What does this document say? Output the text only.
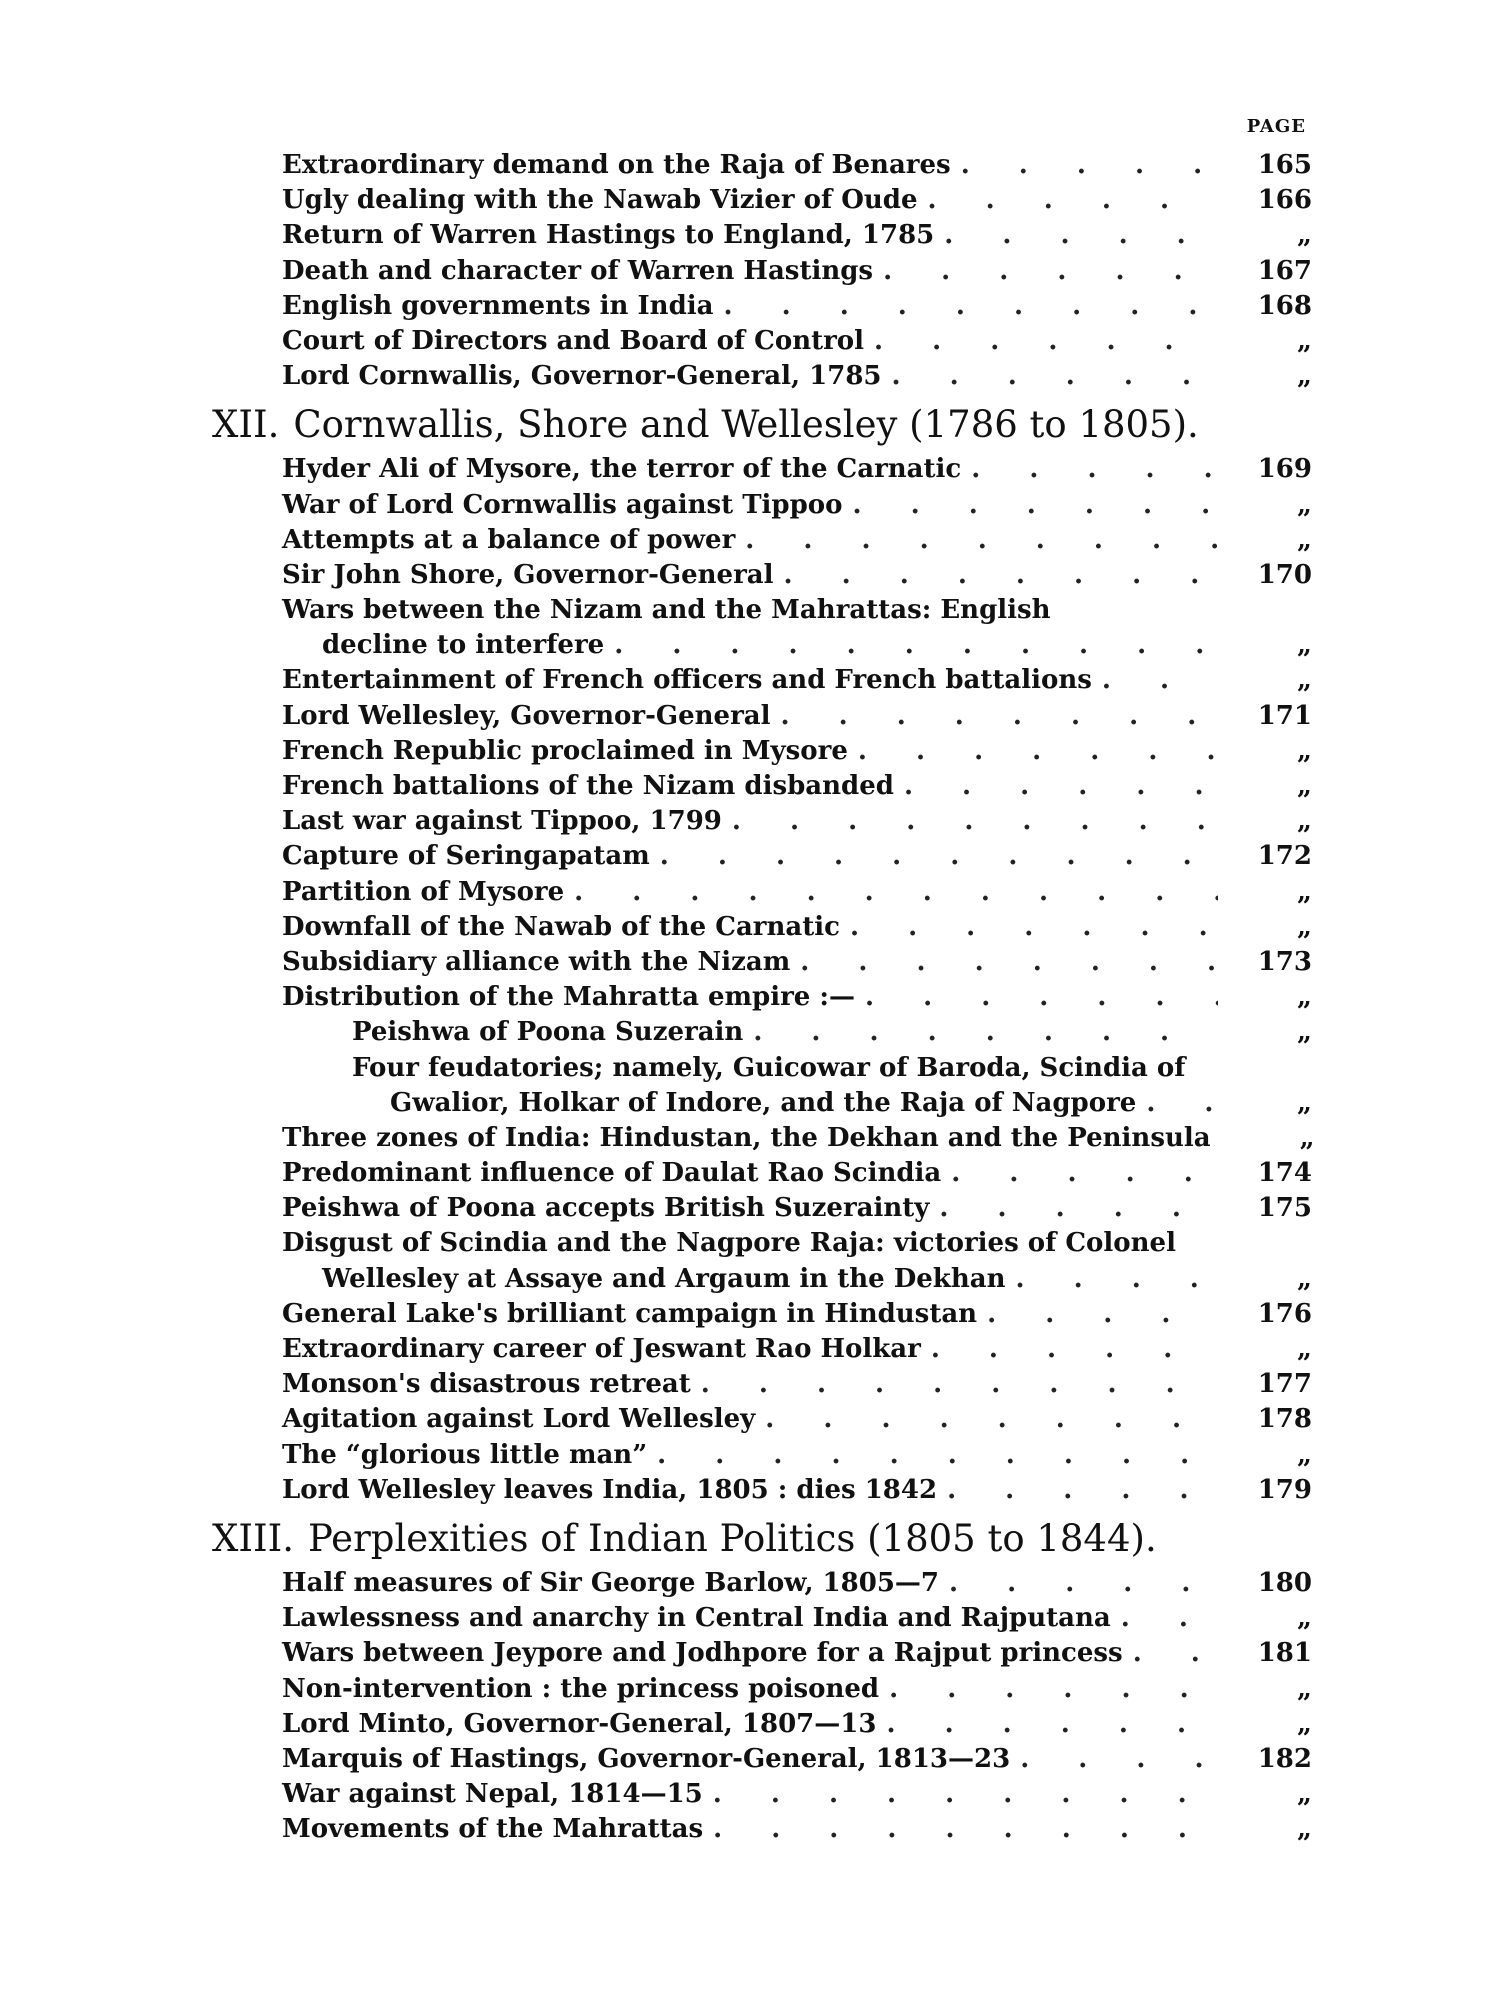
PAGE
Extraordinary demand on the Raja of Benares . . .	165
Ugly dealing with the Nawab Vizier of Oude . . .	166
Return of Warren Hastings to England, 1785 . . .	„
Death and character of Warren Hastings . . .	167
English governments in India . . .	168
Court of Directors and Board of Control . . .	„
Lord Cornwallis, Governor-General, 1785 . . .	„
XII. Cornwallis, Shore and Wellesley (1786 to 1805).
Hyder Ali of Mysore, the terror of the Carnatic . . .	169
War of Lord Cornwallis against Tippoo . . .	„
Attempts at a balance of power . . .	„
Sir John Shore, Governor-General . . .	170
Wars between the Nizam and the Mahrattas: English
decline to interfere . . .	„
Entertainment of French officers and French battalions . . .	„
Lord Wellesley, Governor-General . . .	171
French Republic proclaimed in Mysore . . .	„
French battalions of the Nizam disbanded . . .	„
Last war against Tippoo, 1799 . . .	„
Capture of Seringapatam . . .	172
Partition of Mysore . . .	„
Downfall of the Nawab of the Carnatic . . .	„
Subsidiary alliance with the Nizam . . .	173
Distribution of the Mahratta empire :— . . .	„
Peishwa of Poona Suzerain . . .	„
Four feudatories; namely, Guicowar of Baroda, Scindia of
Gwalior, Holkar of Indore, and the Raja of Nagpore . . .	„
Three zones of India: Hindustan, the Dekhan and the Peninsula	„
Predominant influence of Daulat Rao Scindia . . .	174
Peishwa of Poona accepts British Suzerainty . . .	175
Disgust of Scindia and the Nagpore Raja: victories of Colonel
Wellesley at Assaye and Argaum in the Dekhan . . .	„
General Lake's brilliant campaign in Hindustan . . .	176
Extraordinary career of Jeswant Rao Holkar . . .	„
Monson's disastrous retreat . . .	177
Agitation against Lord Wellesley . . .	178
The “glorious little man” . . .	„
Lord Wellesley leaves India, 1805 : dies 1842 . . .	179
XIII. Perplexities of Indian Politics (1805 to 1844).
Half measures of Sir George Barlow, 1805—7 . . .	180
Lawlessness and anarchy in Central India and Rajputana . . .	„
Wars between Jeypore and Jodhpore for a Rajput princess . . .	181
Non-intervention : the princess poisoned . . .	„
Lord Minto, Governor-General, 1807—13 . . .	„
Marquis of Hastings, Governor-General, 1813—23 . . .	182
War against Nepal, 1814—15 . . .	„
Movements of the Mahrattas . . .	„
